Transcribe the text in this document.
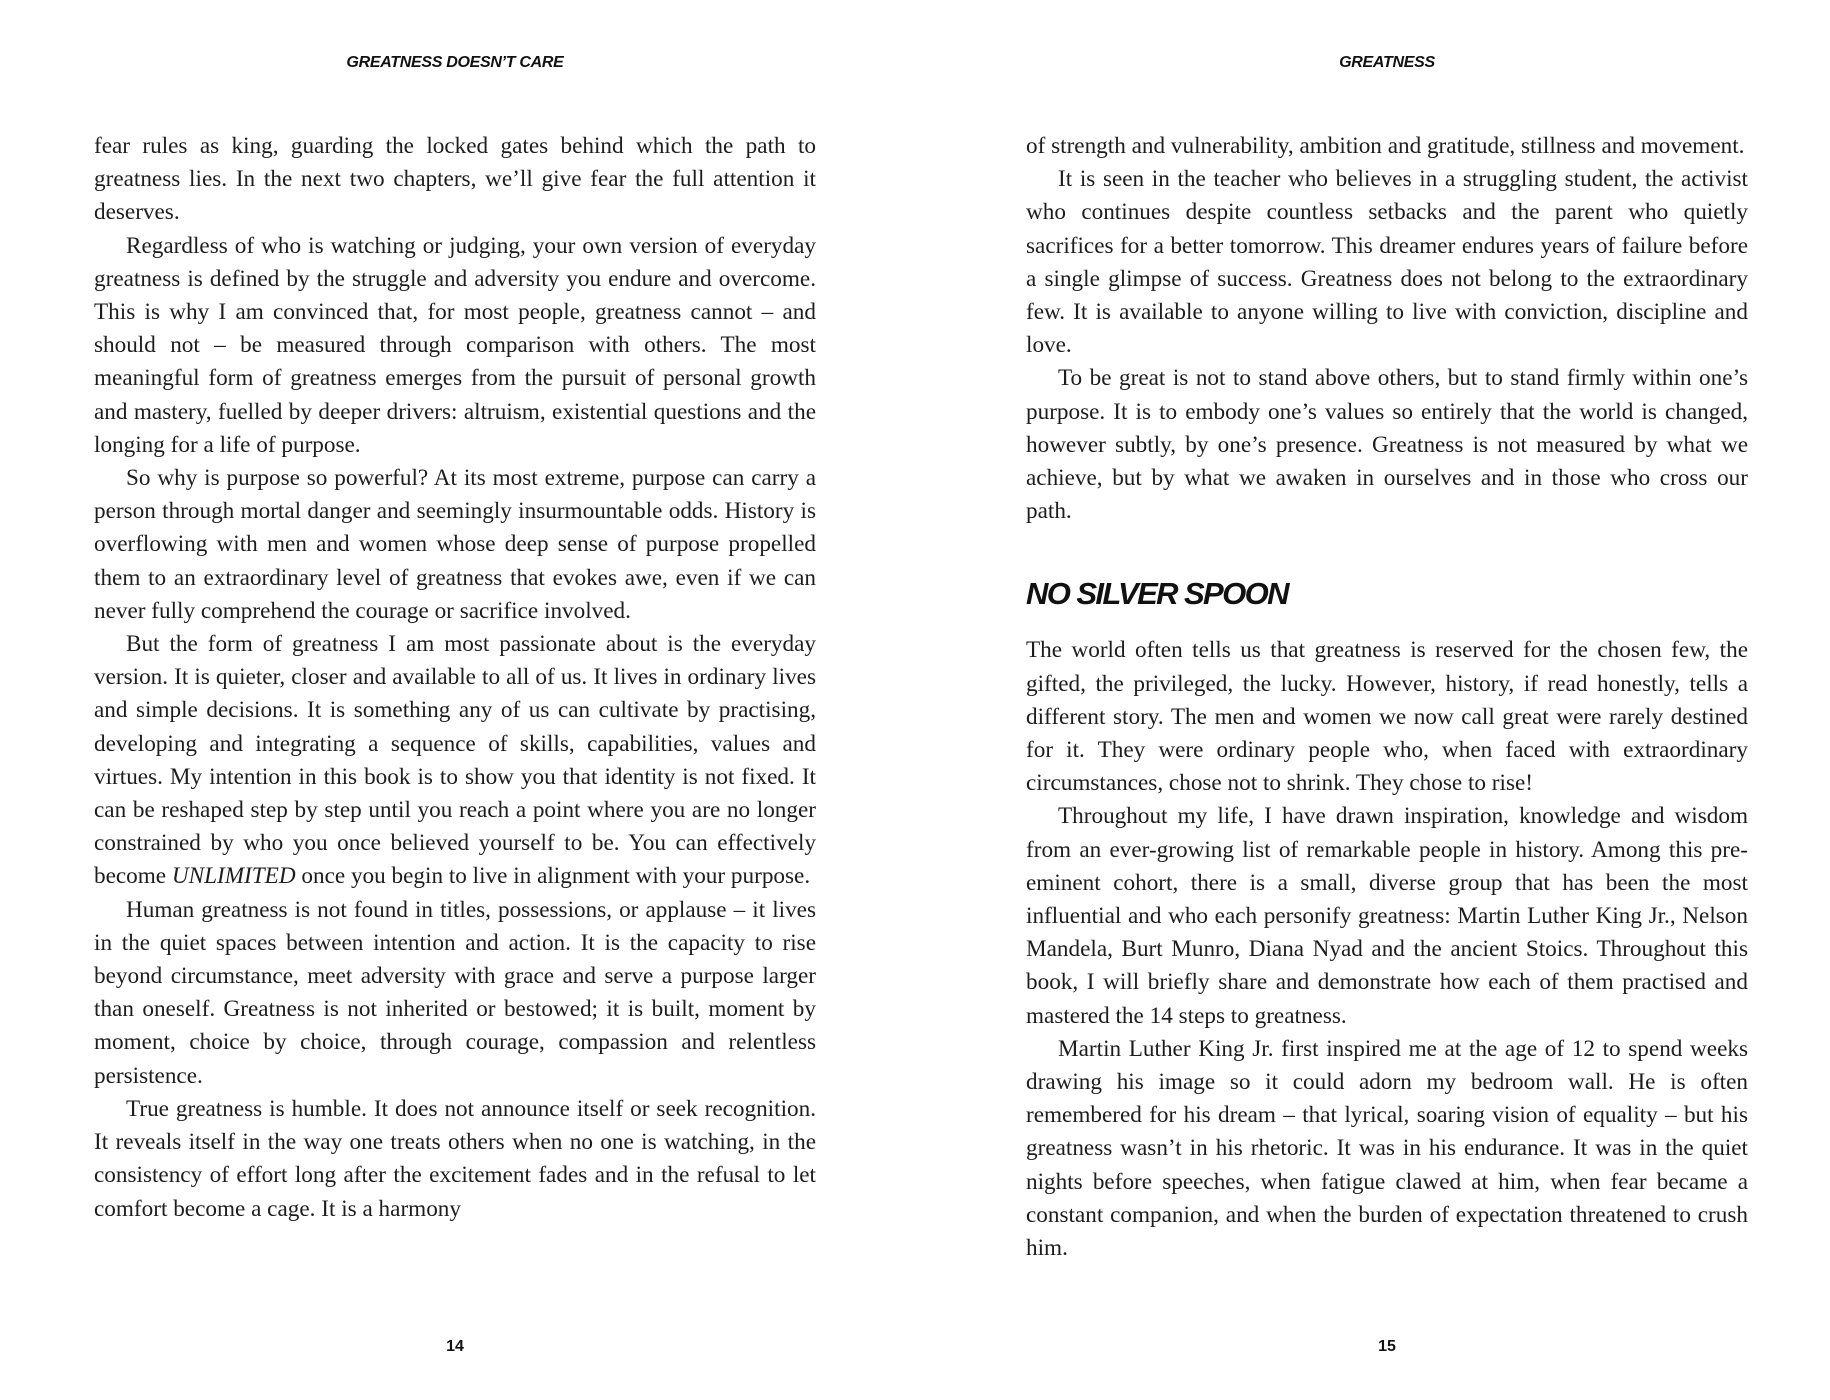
GREATNESS DOESN’T CARE

fear rules as king, guarding the locked gates behind which the path to greatness lies. In the next two chapters, we’ll give fear the full attention it deserves.

Regardless of who is watching or judging, your own version of everyday greatness is defined by the struggle and adversity you endure and overcome. This is why I am convinced that, for most people, greatness cannot – and should not – be measured through comparison with others. The most meaningful form of greatness emerges from the pursuit of personal growth and mastery, fuelled by deeper drivers: altruism, existential questions and the longing for a life of purpose.

So why is purpose so powerful? At its most extreme, purpose can carry a person through mortal danger and seemingly insurmountable odds. History is overflowing with men and women whose deep sense of purpose propelled them to an extraordinary level of greatness that evokes awe, even if we can never fully comprehend the courage or sacrifice involved.

But the form of greatness I am most passionate about is the everyday version. It is quieter, closer and available to all of us. It lives in ordinary lives and simple decisions. It is something any of us can cultivate by practising, developing and integrating a sequence of skills, capabilities, values and virtues. My intention in this book is to show you that identity is not fixed. It can be reshaped step by step until you reach a point where you are no longer constrained by who you once believed yourself to be. You can effectively become UNLIMITED once you begin to live in alignment with your purpose.

Human greatness is not found in titles, possessions, or applause – it lives in the quiet spaces between intention and action. It is the capacity to rise beyond circumstance, meet adversity with grace and serve a purpose larger than oneself. Greatness is not inherited or bestowed; it is built, moment by moment, choice by choice, through courage, compassion and relentless persistence.

True greatness is humble. It does not announce itself or seek recognition. It reveals itself in the way one treats others when no one is watching, in the consistency of effort long after the excitement fades and in the refusal to let comfort become a cage. It is a harmony

14
GREATNESS

of strength and vulnerability, ambition and gratitude, stillness and movement.

It is seen in the teacher who believes in a struggling student, the activist who continues despite countless setbacks and the parent who quietly sacrifices for a better tomorrow. This dreamer endures years of failure before a single glimpse of success. Greatness does not belong to the extraordinary few. It is available to anyone willing to live with conviction, discipline and love.

To be great is not to stand above others, but to stand firmly within one’s purpose. It is to embody one’s values so entirely that the world is changed, however subtly, by one’s presence. Greatness is not measured by what we achieve, but by what we awaken in ourselves and in those who cross our path.

NO SILVER SPOON

The world often tells us that greatness is reserved for the chosen few, the gifted, the privileged, the lucky. However, history, if read honestly, tells a different story. The men and women we now call great were rarely destined for it. They were ordinary people who, when faced with extraordinary circumstances, chose not to shrink. They chose to rise!

Throughout my life, I have drawn inspiration, knowledge and wisdom from an ever-growing list of remarkable people in history. Among this pre-eminent cohort, there is a small, diverse group that has been the most influential and who each personify greatness: Martin Luther King Jr., Nelson Mandela, Burt Munro, Diana Nyad and the ancient Stoics. Throughout this book, I will briefly share and demonstrate how each of them practised and mastered the 14 steps to greatness.

Martin Luther King Jr. first inspired me at the age of 12 to spend weeks drawing his image so it could adorn my bedroom wall. He is often remembered for his dream – that lyrical, soaring vision of equality – but his greatness wasn’t in his rhetoric. It was in his endurance. It was in the quiet nights before speeches, when fatigue clawed at him, when fear became a constant companion, and when the burden of expectation threatened to crush him.

15
